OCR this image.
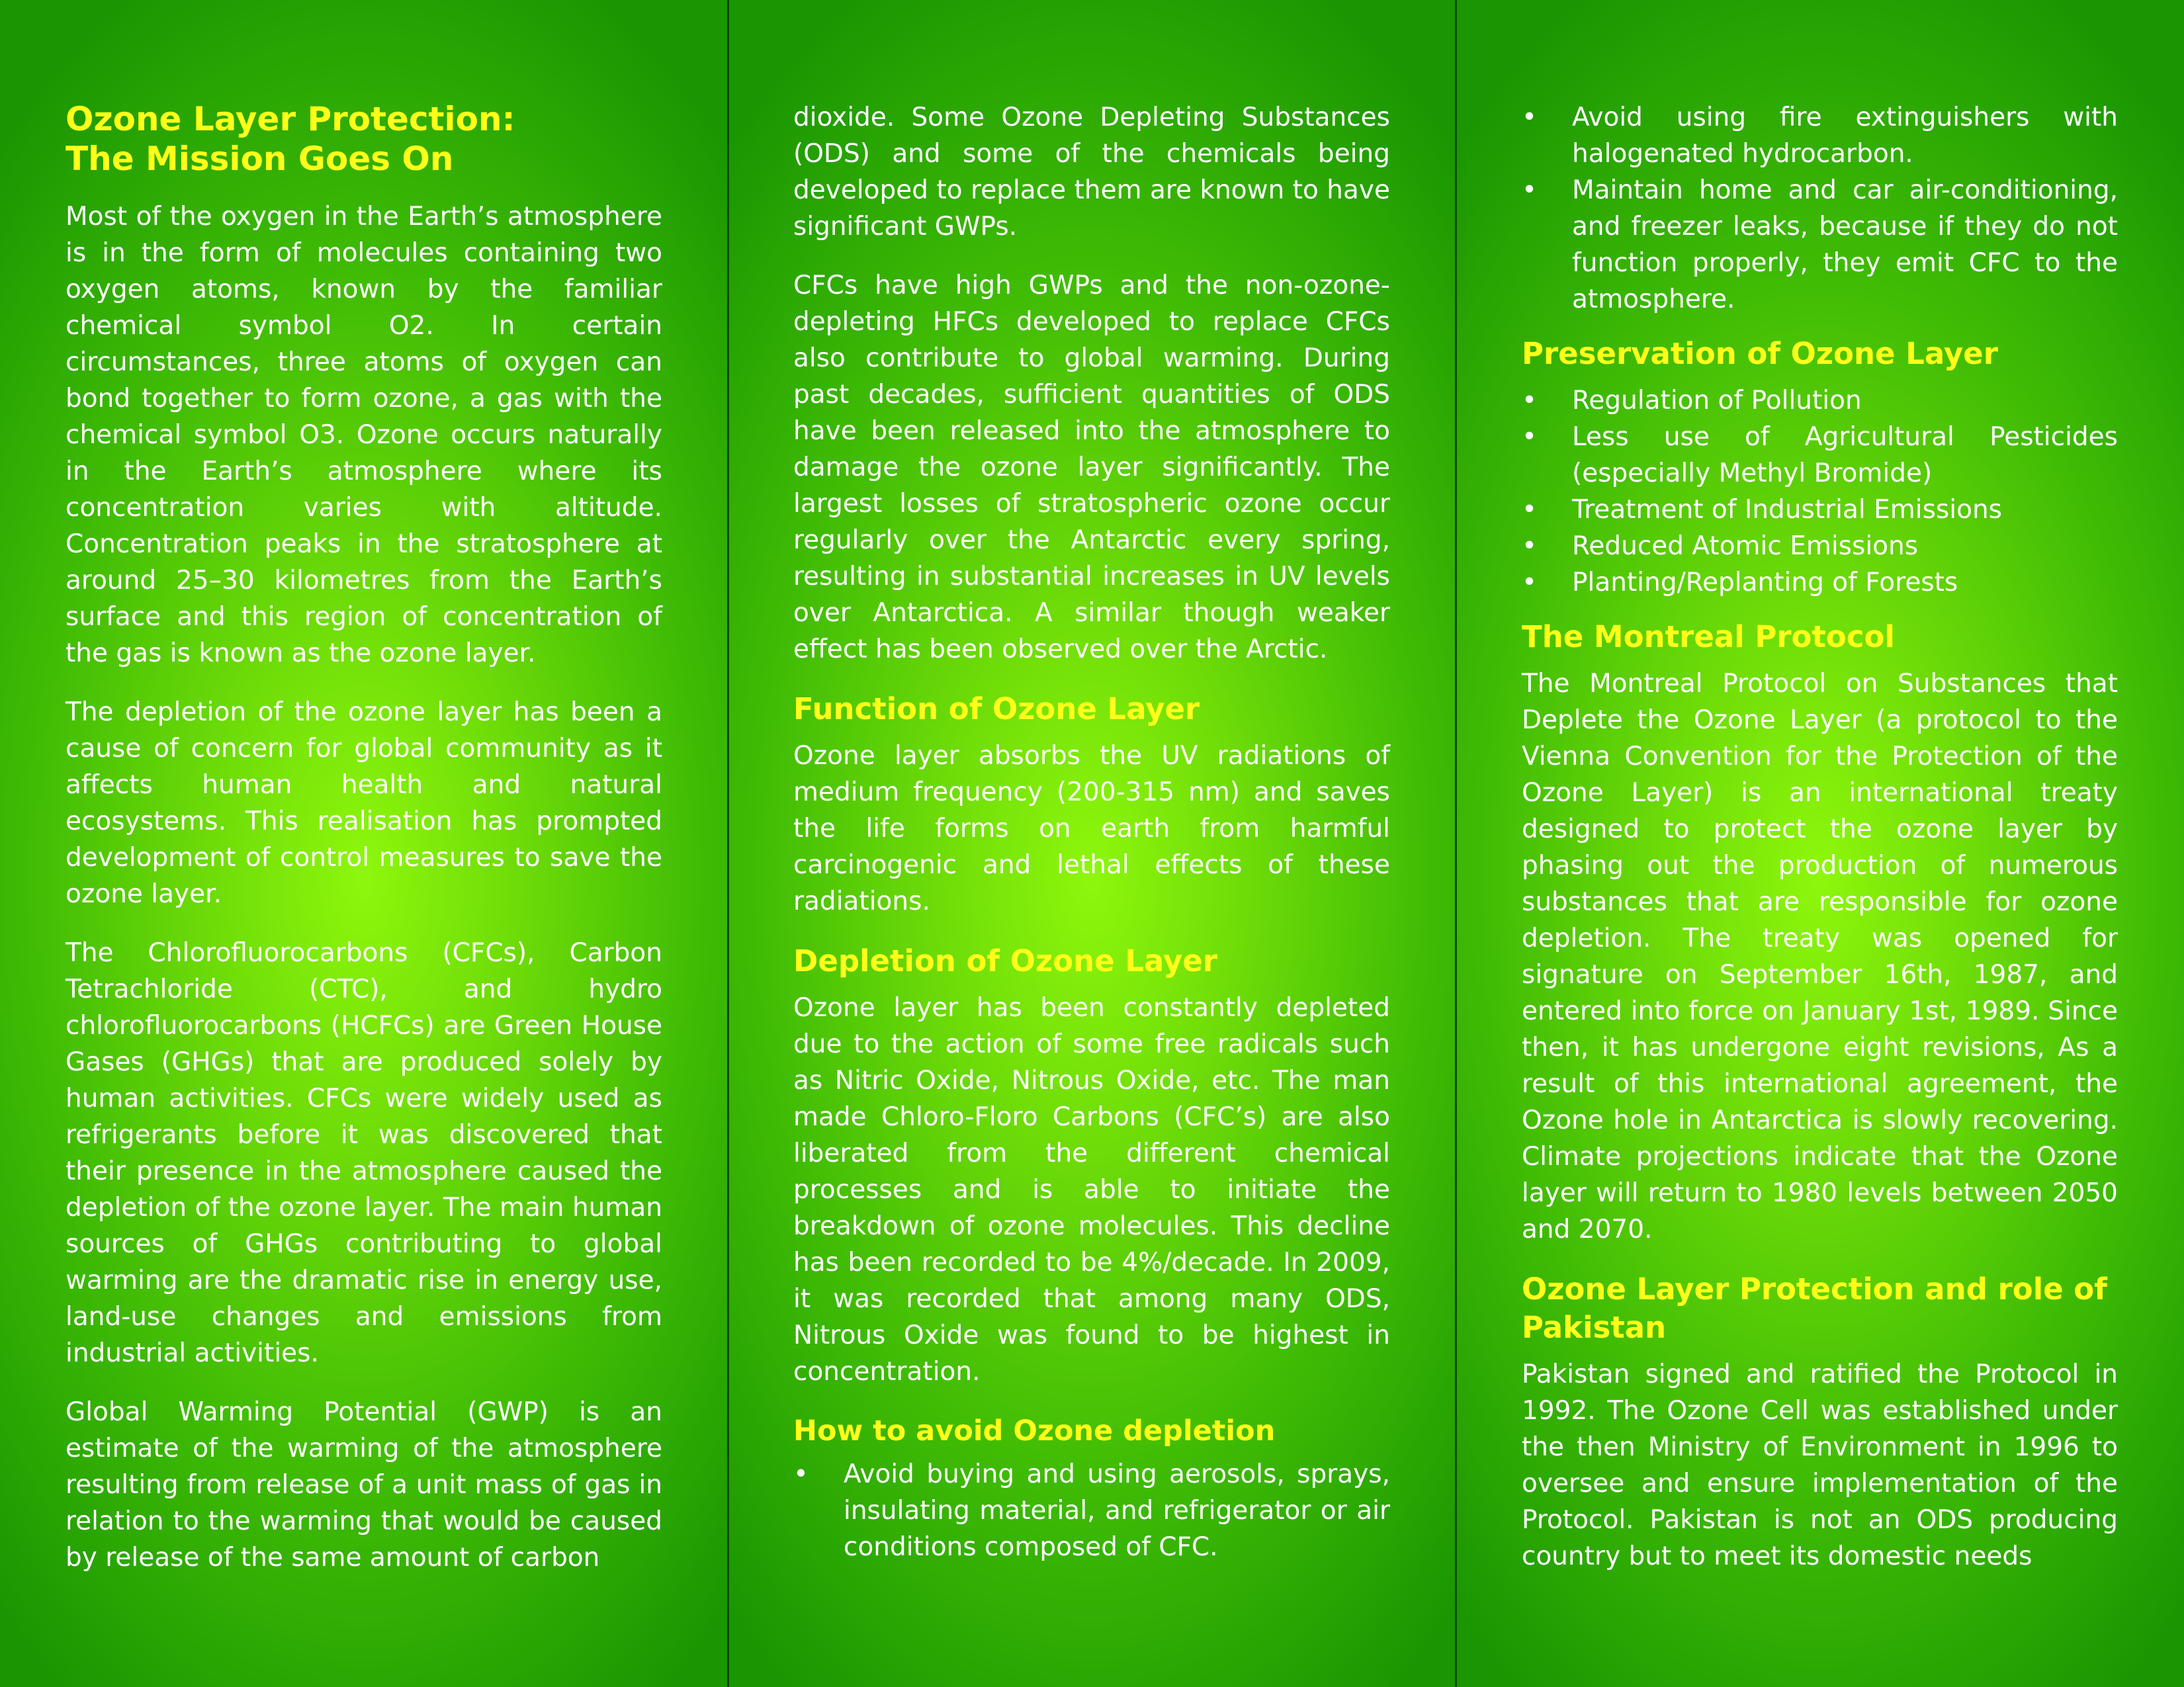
Ozone Layer Protection:
The Mission Goes On

Most of the oxygen in the Earth’s atmosphere is in the form of molecules containing two oxygen atoms, known by the familiar chemical symbol O2. In certain circumstances, three atoms of oxygen can bond together to form ozone, a gas with the chemical symbol O3. Ozone occurs naturally in the Earth’s atmosphere where its concentration varies with altitude. Concentration peaks in the stratosphere at around 25–30 kilometres from the Earth’s surface and this region of concentration of the gas is known as the ozone layer.

The depletion of the ozone layer has been a cause of concern for global community as it affects human health and natural ecosystems. This realisation has prompted development of control measures to save the ozone layer.

The Chlorofluorocarbons (CFCs), Carbon Tetrachloride (CTC), and hydro chlorofluorocarbons (HCFCs) are Green House Gases (GHGs) that are produced solely by human activities. CFCs were widely used as refrigerants before it was discovered that their presence in the atmosphere caused the depletion of the ozone layer. The main human sources of GHGs contributing to global warming are the dramatic rise in energy use, land-use changes and emissions from industrial activities.

Global Warming Potential (GWP) is an estimate of the warming of the atmosphere resulting from release of a unit mass of gas in relation to the warming that would be caused by release of the same amount of carbon

dioxide. Some Ozone Depleting Substances (ODS) and some of the chemicals being developed to replace them are known to have significant GWPs.

CFCs have high GWPs and the non-ozone-depleting HFCs developed to replace CFCs also contribute to global warming. During past decades, sufficient quantities of ODS have been released into the atmosphere to damage the ozone layer significantly. The largest losses of stratospheric ozone occur regularly over the Antarctic every spring, resulting in substantial increases in UV levels over Antarctica. A similar though weaker effect has been observed over the Arctic.

Function of Ozone Layer

Ozone layer absorbs the UV radiations of medium frequency (200-315 nm) and saves the life forms on earth from harmful carcinogenic and lethal effects of these radiations.

Depletion of Ozone Layer

Ozone layer has been constantly depleted due to the action of some free radicals such as Nitric Oxide, Nitrous Oxide, etc. The man made Chloro-Floro Carbons (CFC’s) are also liberated from the different chemical processes and is able to initiate the breakdown of ozone molecules. This decline has been recorded to be 4%/decade. In 2009, it was recorded that among many ODS, Nitrous Oxide was found to be highest in concentration.

How to avoid Ozone depletion
•	Avoid buying and using aerosols, sprays, insulating material, and refrigerator or air conditions composed of CFC.
•	Avoid using fire extinguishers with halogenated hydrocarbon.
•	Maintain home and car air-conditioning, and freezer leaks, because if they do not function properly, they emit CFC to the atmosphere.
Preservation of Ozone Layer
•	Regulation of Pollution
•	Less use of Agricultural Pesticides (especially Methyl Bromide)
•	Treatment of Industrial Emissions
•	Reduced Atomic Emissions
•	Planting/Replanting of Forests
The Montreal Protocol

The Montreal Protocol on Substances that Deplete the Ozone Layer (a protocol to the Vienna Convention for the Protection of the Ozone Layer) is an international treaty designed to protect the ozone layer by phasing out the production of numerous substances that are responsible for ozone depletion. The treaty was opened for signature on September 16th, 1987, and entered into force on January 1st, 1989. Since then, it has undergone eight revisions, As a result of this international agreement, the Ozone hole in Antarctica is slowly recovering. Climate projections indicate that the Ozone layer will return to 1980 levels between 2050 and 2070.

Ozone Layer Protection and role of Pakistan

Pakistan signed and ratified the Protocol in 1992. The Ozone Cell was established under the then Ministry of Environment in 1996 to oversee and ensure implementation of the Protocol. Pakistan is not an ODS producing country but to meet its domestic needs
